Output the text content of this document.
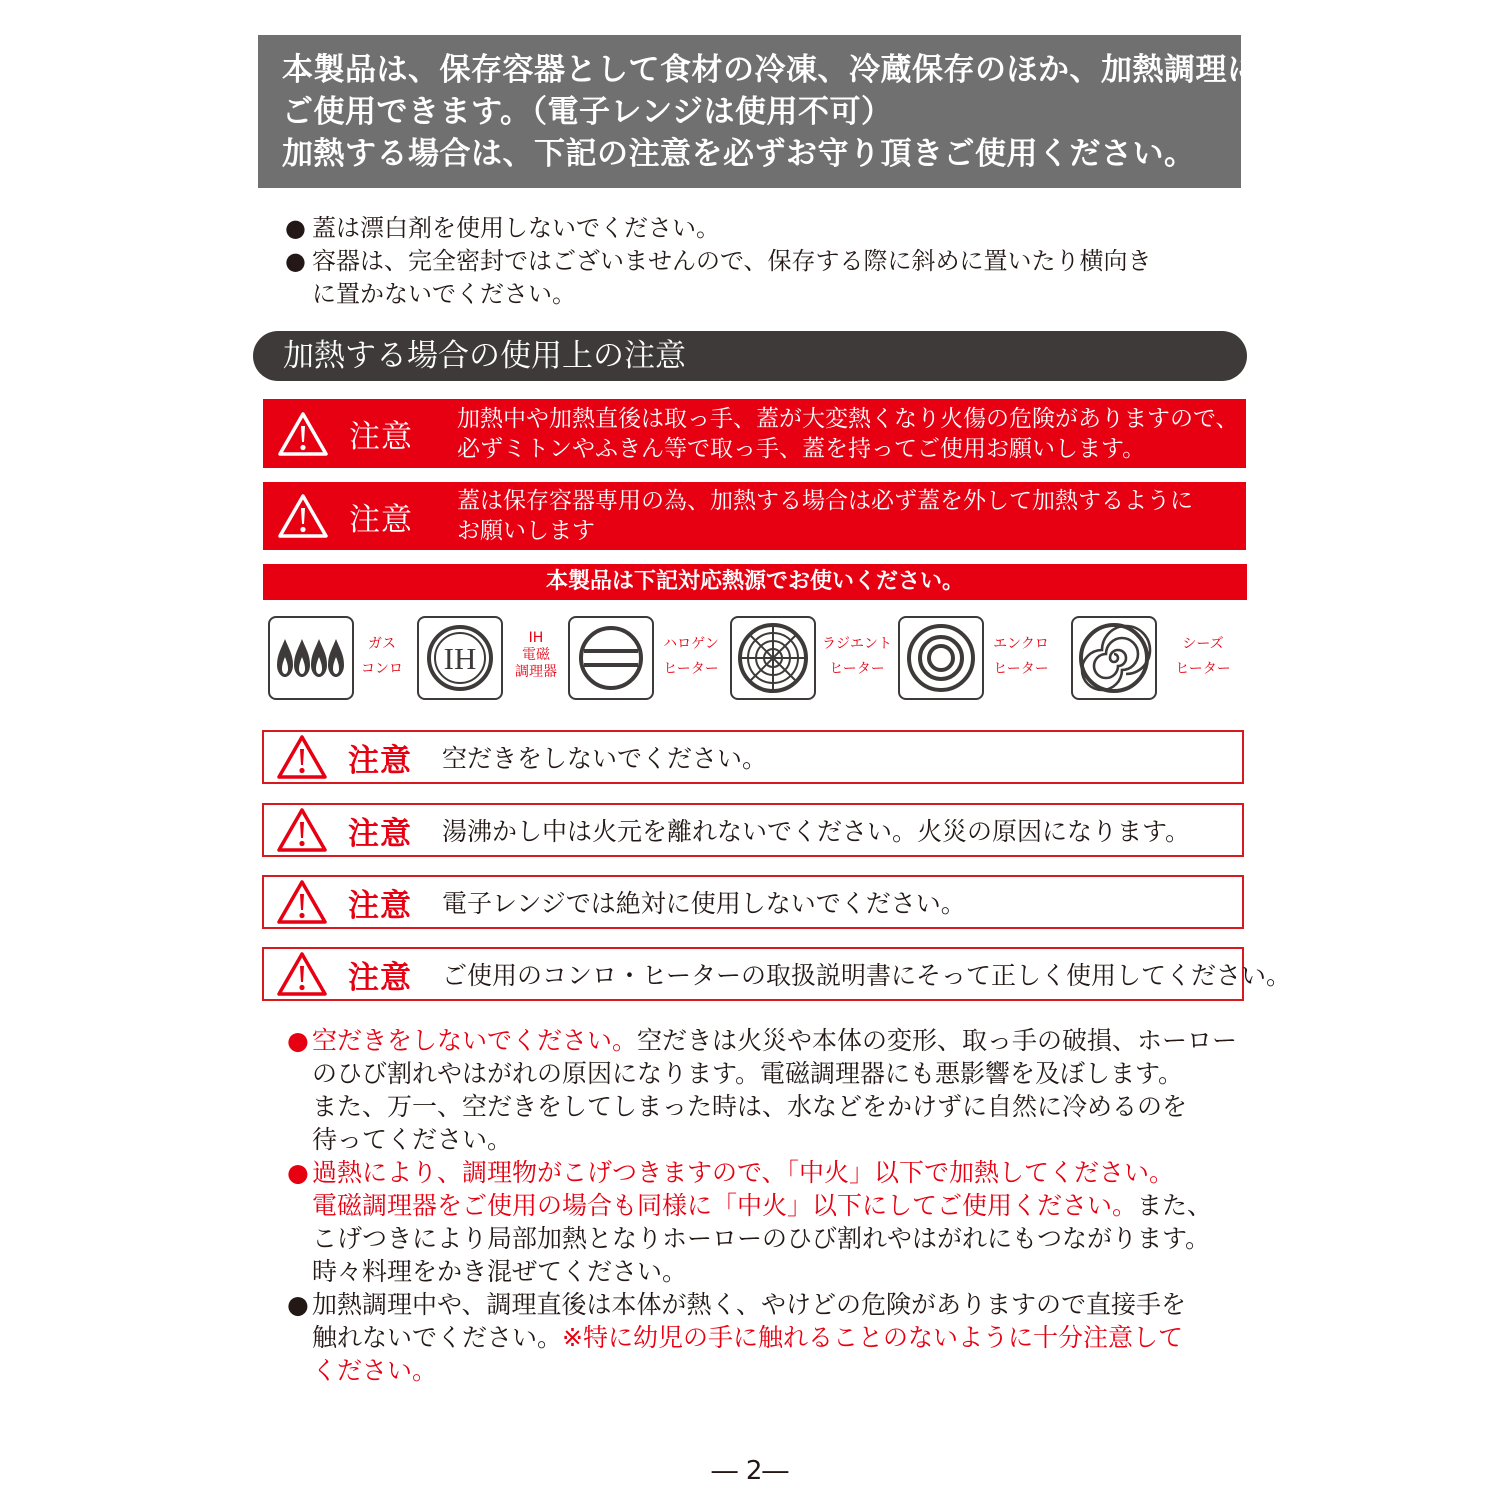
本製品は、保存容器として食材の冷凍、冷蔵保存のほか、加熱調理にも
ご使用できます。（電子レンジは使用不可）
加熱する場合は、下記の注意を必ずお守り頂きご使用ください。
● 蓋は漂白剤を使用しないでください。
● 容器は、完全密封ではございませんので、保存する際に斜めに置いたり横向き
に置かないでください。
加熱する場合の使用上の注意
注意
加熱中や加熱直後は取っ手、蓋が大変熱くなり火傷の危険がありますので、
必ずミトンやふきん等で取っ手、蓋を持ってご使用お願いします。
注意
蓋は保存容器専用の為、加熱する場合は必ず蓋を外して加熱するように
お願いします
本製品は下記対応熱源でお使いください。
ガス
コンロ IH
IH
電磁
調理器
ハロゲン
ヒーター
ラジエント
ヒーター
エンクロ
ヒーター
シーズ
ヒーター
注意	空だきをしないでください。
注意	湯沸かし中は火元を離れないでください。火災の原因になります。
注意	電子レンジでは絶対に使用しないでください。
注意	ご使用のコンロ・ヒーターの取扱説明書にそって正しく使用してください。
● 空だきをしないでください。空だきは火災や本体の変形、取っ手の破損、ホーロー
のひび割れやはがれの原因になります。電磁調理器にも悪影響を及ぼします。
また、万一、空だきをしてしまった時は、水などをかけずに自然に冷めるのを
待ってください。
● 過熱により、調理物がこげつきますので、「中火」以下で加熱してください。
電磁調理器をご使用の場合も同様に「中火」以下にしてご使用ください。また、
こげつきにより局部加熱となりホーローのひび割れやはがれにもつながります。
時々料理をかき混ぜてください。
● 加熱調理中や、調理直後は本体が熱く、やけどの危険がありますので直接手を
触れないでください。※特に幼児の手に触れることのないように十分注意して
ください。
― 2―
